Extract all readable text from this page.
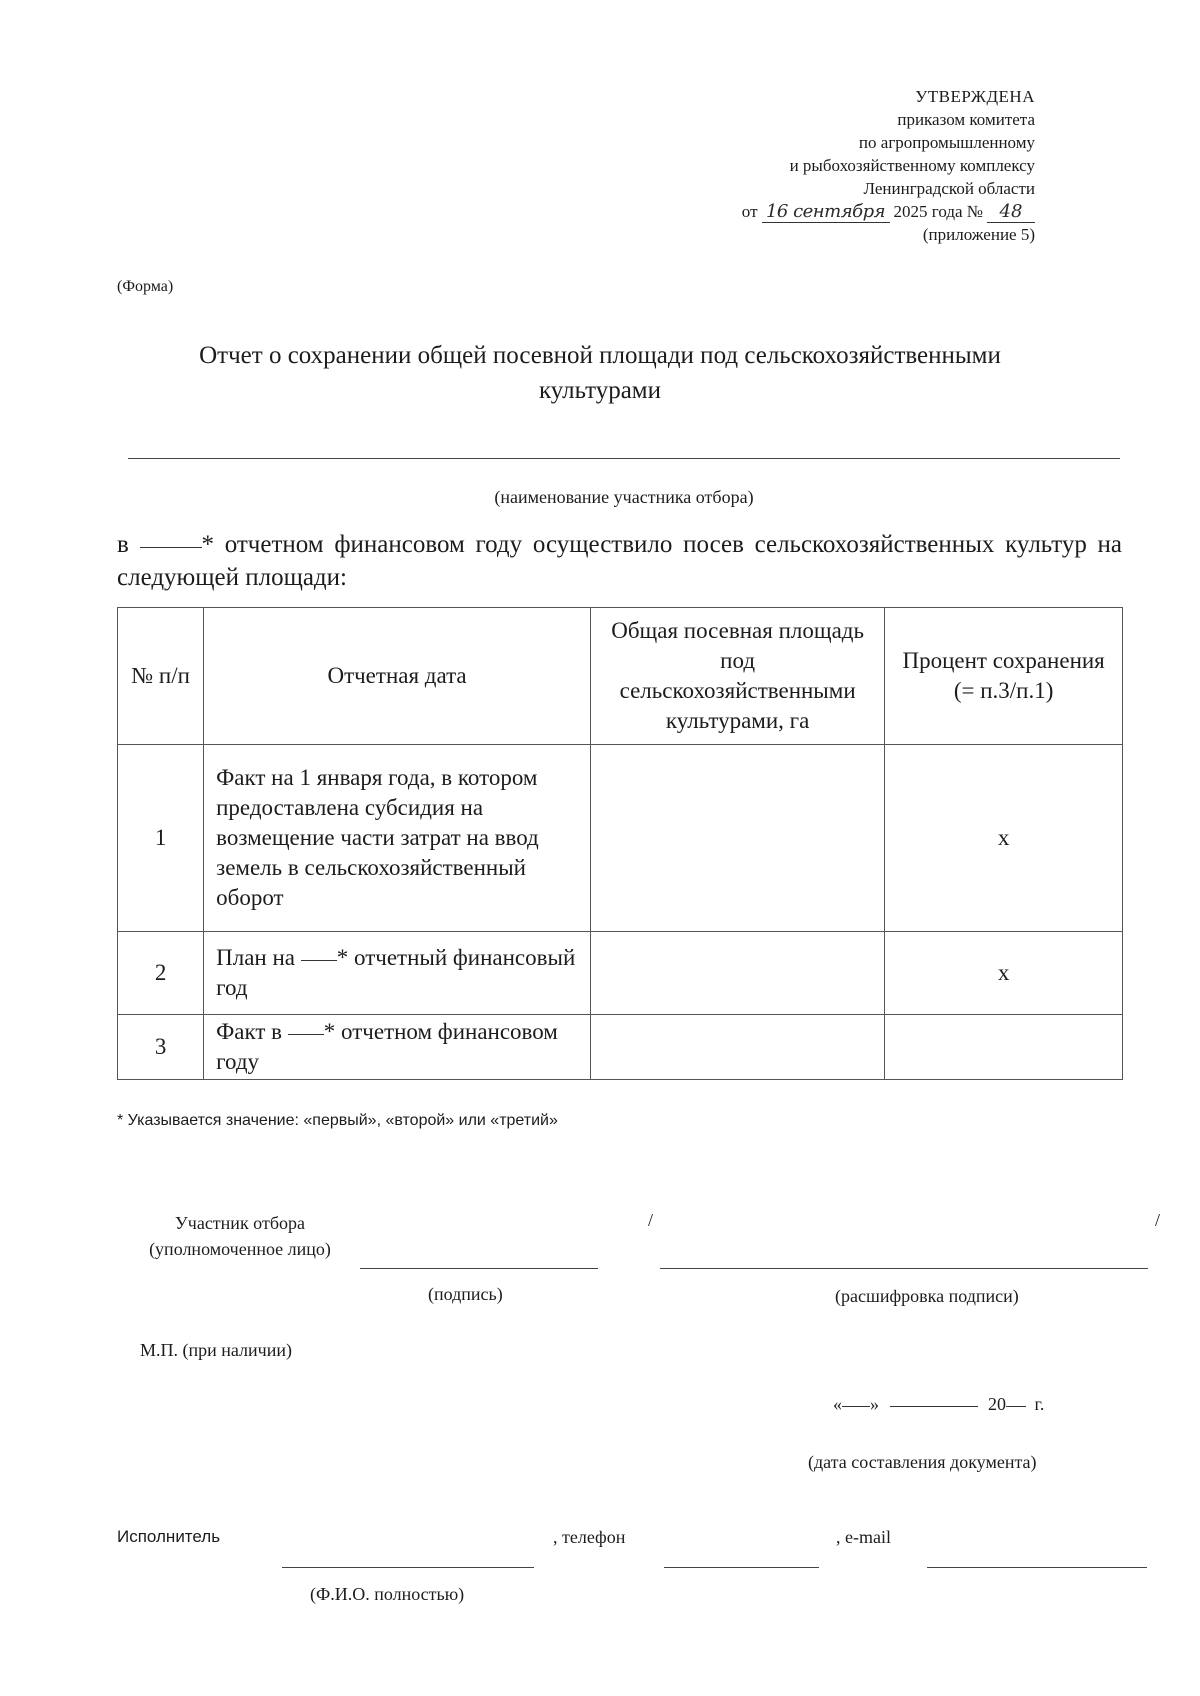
УТВЕРЖДЕНА
приказом комитета
по агропромышленному
и рыбохозяйственному комплексу
Ленинградской области
от 16 сентября 2025 года № 48
(приложение 5)
(Форма)
Отчет о сохранении общей посевной площади под сельскохозяйственными
культурами
(наименование участника отбора)
в	* отчетном финансовом году осуществило посев сельскохозяйственных культур на следующей площади:
№ п/п	Отчетная дата	Общая посевная площадь под сельскохозяйственными культурами, га	Процент сохранения (= п.3/п.1)
1	Факт на 1 января года, в котором предоставлена субсидия на возмещение части затрат на ввод земель в сельскохозяйственный оборот		х
2	План на * отчетный финансовый год		х
3	Факт в * отчетном финансовом году		
* Указывается значение: «первый», «второй» или «третий»
Участник отбора
(уполномоченное лицо)
/	/
(подпись)	(расшифровка подписи)
М.П. (при наличии)
« »	20 г.
(дата составления документа)
Исполнитель	, телефон	, e-mail
(Ф.И.О. полностью)
